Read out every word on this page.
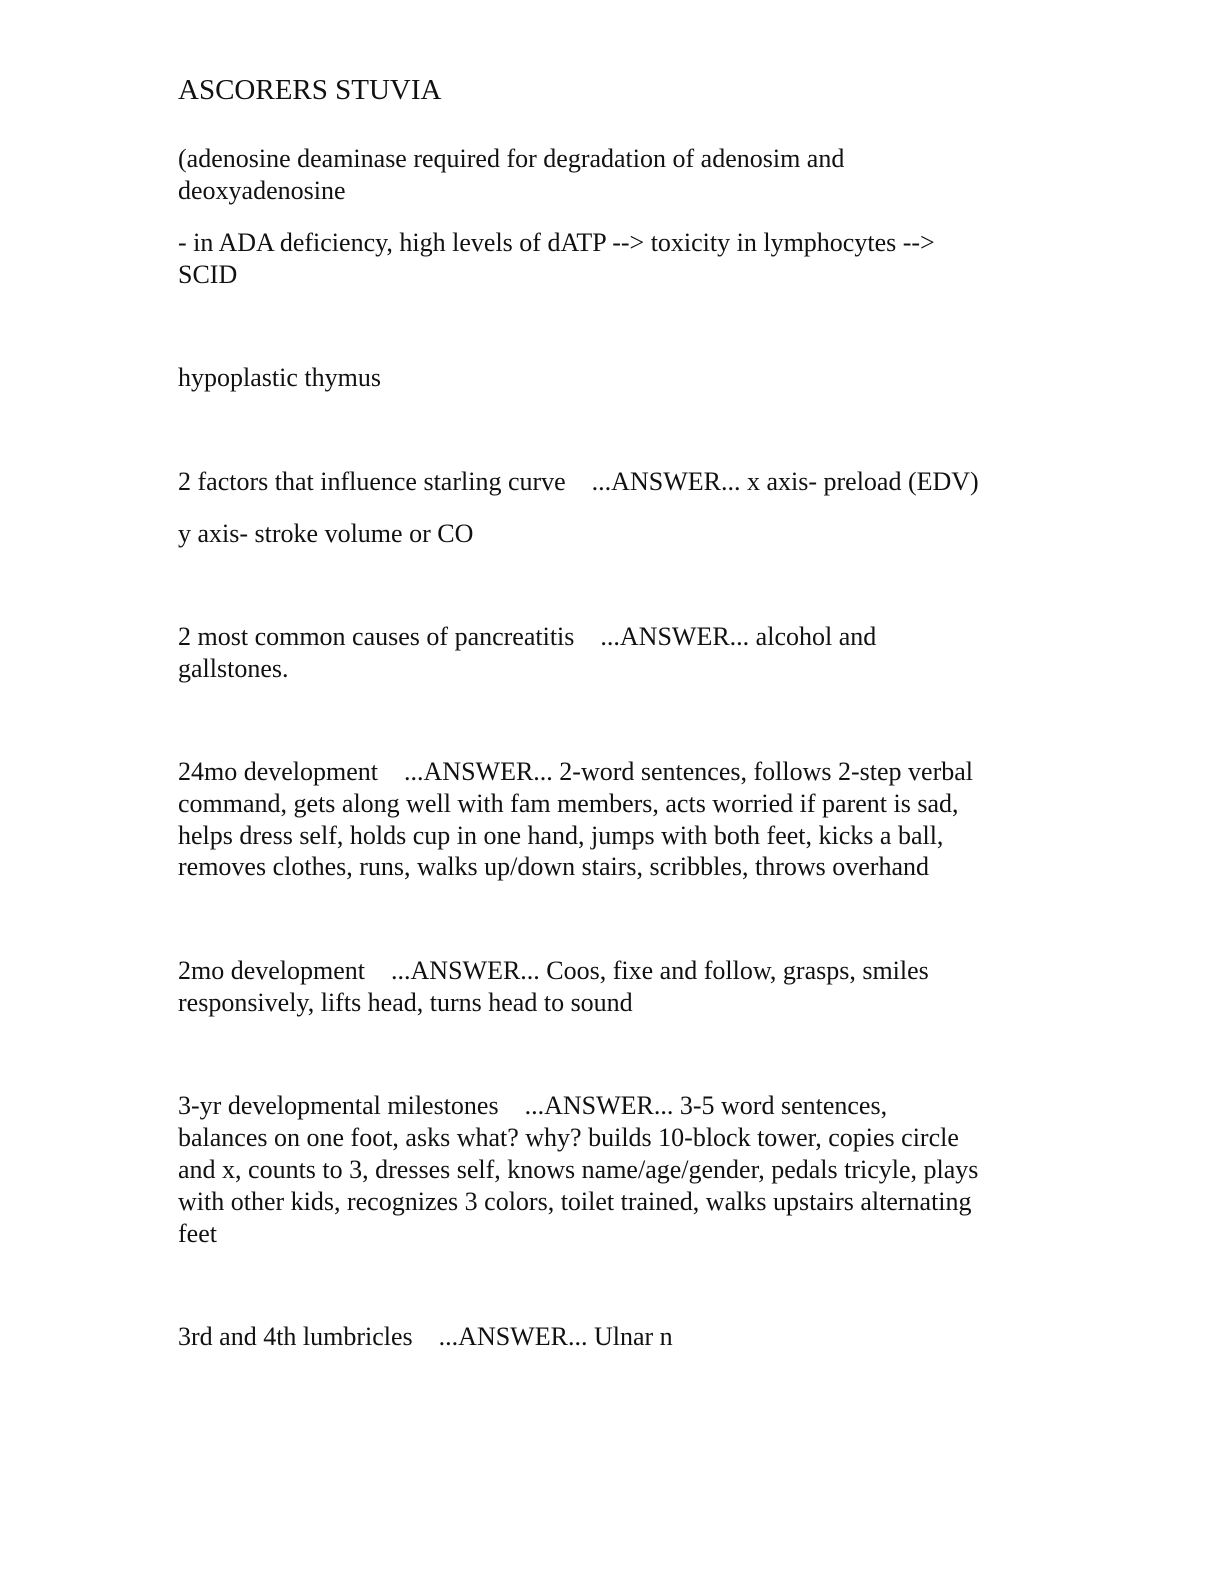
ASCORERS STUVIA

(adenosine deaminase required for degradation of adenosim and

deoxyadenosine

- in ADA deficiency, high levels of dATP --> toxicity in lymphocytes -->

SCID

hypoplastic thymus

2 factors that influence starling curve    ...ANSWER... x axis- preload (EDV)

y axis- stroke volume or CO

2 most common causes of pancreatitis    ...ANSWER... alcohol and

gallstones.

24mo development    ...ANSWER... 2-word sentences, follows 2-step verbal

command, gets along well with fam members, acts worried if parent is sad,

helps dress self, holds cup in one hand, jumps with both feet, kicks a ball,

removes clothes, runs, walks up/down stairs, scribbles, throws overhand

2mo development    ...ANSWER... Coos, fixe and follow, grasps, smiles

responsively, lifts head, turns head to sound

3-yr developmental milestones    ...ANSWER... 3-5 word sentences,

balances on one foot, asks what? why? builds 10-block tower, copies circle

and x, counts to 3, dresses self, knows name/age/gender, pedals tricyle, plays

with other kids, recognizes 3 colors, toilet trained, walks upstairs alternating

feet

3rd and 4th lumbricles    ...ANSWER... Ulnar n
